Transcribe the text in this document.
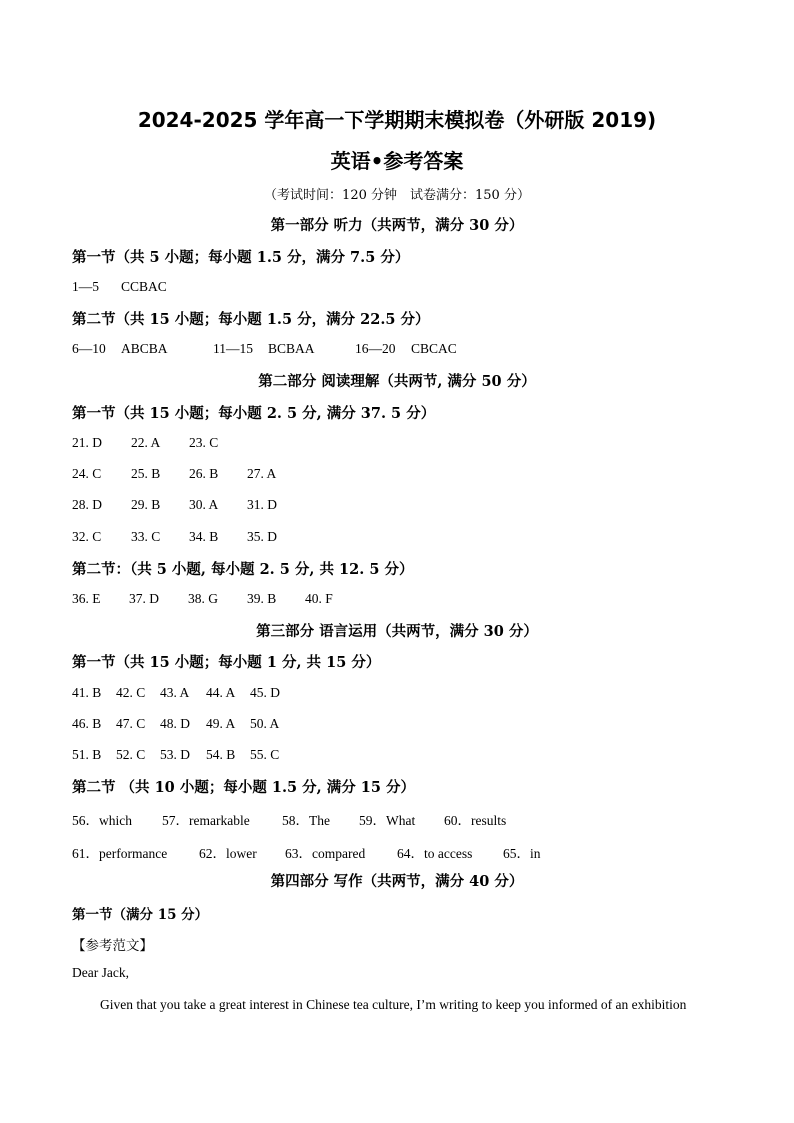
2024-2025 学年高一下学期期末模拟卷（外研版 2019)
英语•参考答案
（考试时间：120 分钟　试卷满分：150 分）
第一部分 听力（共两节，满分 30 分）
第一节（共 5 小题；每小题 1.5 分，满分 7.5 分）
1—5 CCBAC
第二节（共 15 小题；每小题 1.5 分，满分 22.5 分）
6—10 ABCBA	11—15 BCBAA	16—20 CBCAC
第二部分 阅读理解（共两节, 满分 50 分）
第一节（共 15 小题；每小题 2. 5 分, 满分 37. 5 分）
21. D 22. A 23. C
24. C 25. B 26. B 27. A
28. D 29. B 30. A 31. D
32. C 33. C 34. B 35. D
第二节：（共 5 小题, 每小题 2. 5 分, 共 12. 5 分）
36. E 37. D 38. G 39. B 40. F
第三部分 语言运用（共两节，满分 30 分）
第一节（共 15 小题；每小题 1 分, 共 15 分）
41. B 42. C 43. A 44. A 45. D
46. B 47. C 48. D 49. A 50. A
51. B 52. C 53. D 54. B 55. C
第二节 （共 10 小题；每小题 1.5 分, 满分 15 分）
56．which 57．remarkable 58．The 59．What 60．results
61．performance 62．lower 63．compared 64．to access 65．in
第四部分 写作（共两节，满分 40 分）
第一节（满分 15 分）
【参考范文】
Dear Jack,
Given that you take a great interest in Chinese tea culture, I’m writing to keep you informed of an exhibition
